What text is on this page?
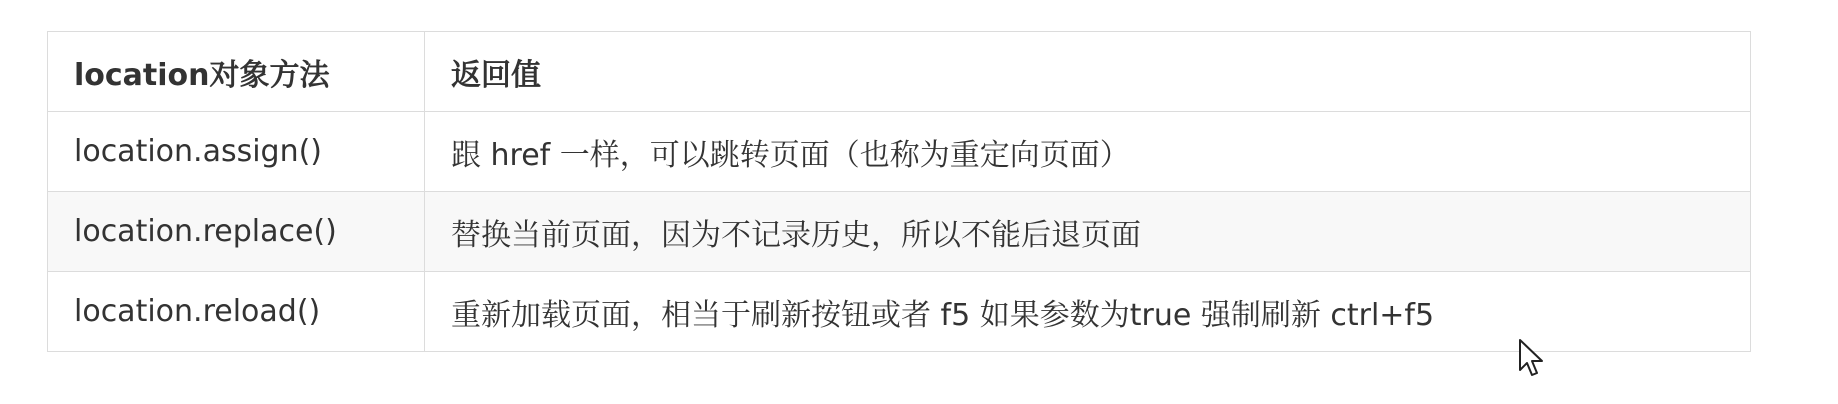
location对象方法	返回值
location.assign()	跟 href 一样，可以跳转页面（也称为重定向页面）
location.replace()	替换当前页面，因为不记录历史，所以不能后退页面
location.reload()	重新加载页面，相当于刷新按钮或者 f5 如果参数为true 强制刷新 ctrl+f5
